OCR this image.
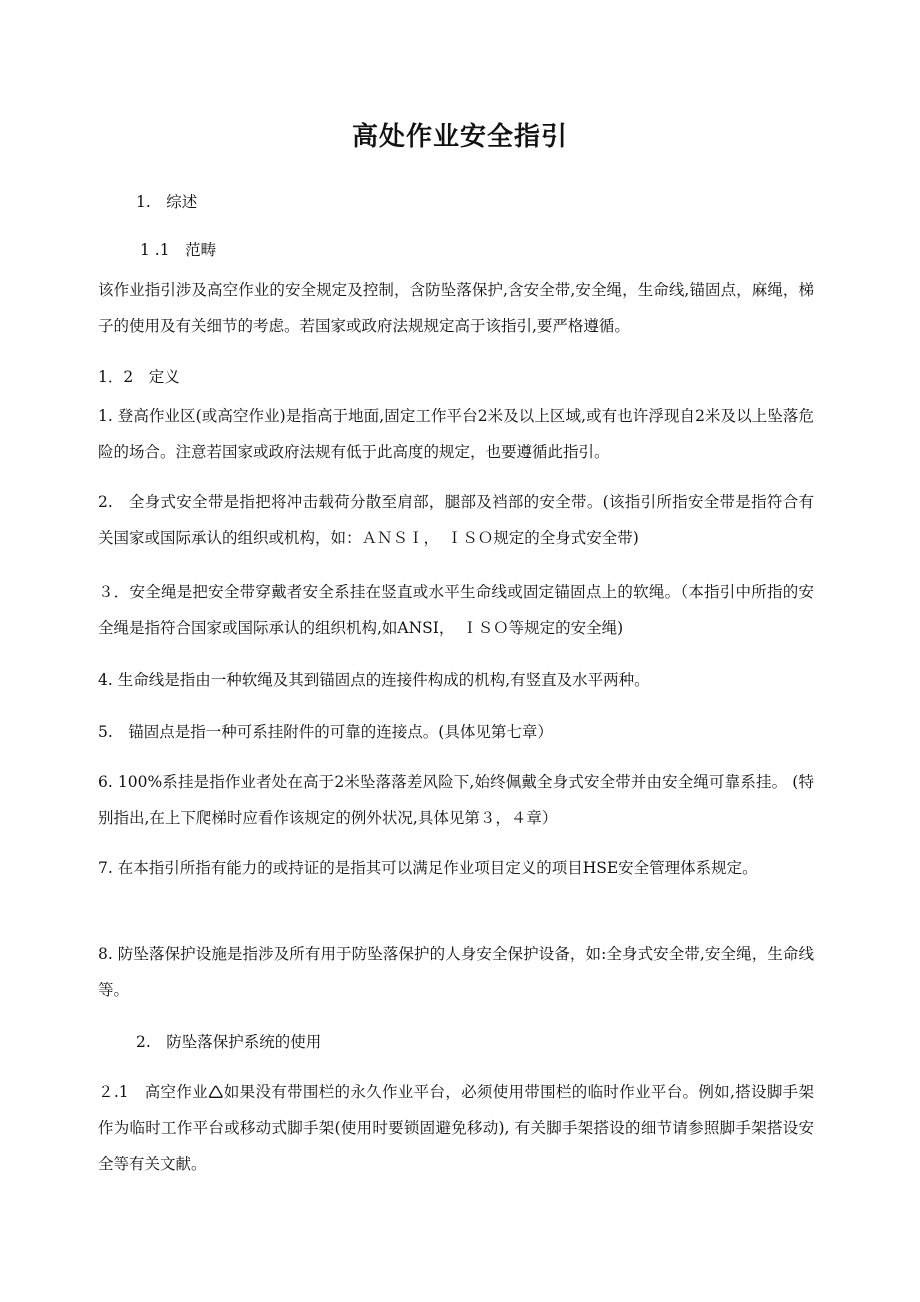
高处作业安全指引

1.　综述

1 .1　范畴

该作业指引涉及高空作业的安全规定及控制，含防坠落保护,含安全带,安全绳，生命线,锚固点，麻绳，梯子的使用及有关细节的考虑。若国家或政府法规规定高于该指引,要严格遵循。

1．2　定义

1. 登高作业区(或高空作业)是指高于地面,固定工作平台2米及以上区域,或有也许浮现自2米及以上坠落危险的场合。注意若国家或政府法规有低于此高度的规定，也要遵循此指引。

2.　全身式安全带是指把将冲击载荷分散至肩部，腿部及裆部的安全带。(该指引所指安全带是指符合有关国家或国际承认的组织或机构，如：ＡＮＳＩ，　ＩＳＯ规定的全身式安全带)

３．安全绳是把安全带穿戴者安全系挂在竖直或水平生命线或固定锚固点上的软绳。（本指引中所指的安全绳是指符合国家或国际承认的组织机构,如ANSI，　ＩＳＯ等规定的安全绳)

4. 生命线是指由一种软绳及其到锚固点的连接件构成的机构,有竖直及水平两种。

5.　锚固点是指一种可系挂附件的可靠的连接点。(具体见第七章）

6. 100%系挂是指作业者处在高于2米坠落落差风险下,始终佩戴全身式安全带并由安全绳可靠系挂。 (特别指出,在上下爬梯时应看作该规定的例外状况,具体见第３，４章）

7. 在本指引所指有能力的或持证的是指其可以满足作业项目定义的项目HSE安全管理体系规定。

8. 防坠落保护设施是指涉及所有用于防坠落保护的人身安全保护设备，如:全身式安全带,安全绳，生命线等。

2.　防坠落保护系统的使用

２.1　高空作业🛆如果没有带围栏的永久作业平台，必须使用带围栏的临时作业平台。例如,搭设脚手架作为临时工作平台或移动式脚手架(使用时要锁固避免移动), 有关脚手架搭设的细节请参照脚手架搭设安全等有关文献。
